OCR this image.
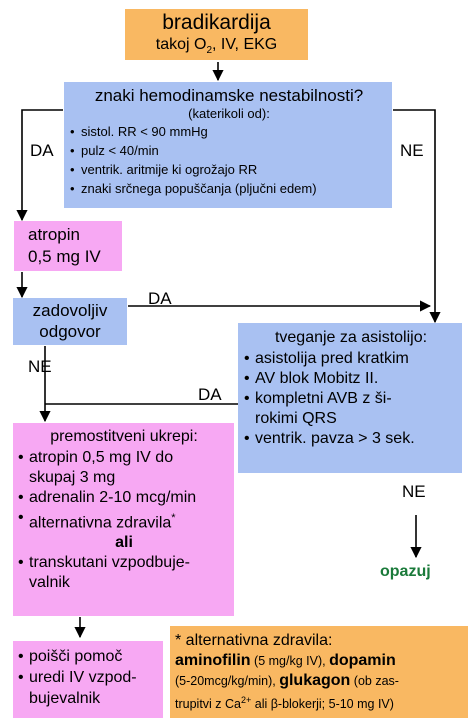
bradikardija
takoj $O_2$, IV, EKG
znaki hemodinamske nestabilnosti?
(katerikoli od):
• sistol. RR < 90 mmHg
• pulz < 40/min
• ventrik. aritmije ki ogrožajo RR
• znaki srčnega popuščanja (pljučni edem)
DA	NE
DA
NE
DA
NE
atropin
0,5 mg IV
zadovoljiv
odgovor	tveganje za asistolijo:
• asistolija pred kratkim
• AV blok Mobitz II.
• kompletni AVB z ši-
rokimi QRS
• ventrik. pavza > 3 sek.
premostitveni ukrepi:
• atropin 0,5 mg IV do
skupaj 3 mg
• adrenalin 2-10 mcg/min
• alternativna zdravila*
ali
• transkutani vzpodbuje-
valnik
• poišči pomoč
• uredi IV vzpod-
bujevalnik
opazuj
* alternativna zdravila:
aminofilin (5 mg/kg IV), dopamin
(5-20mcg/kg/min), glukagon (ob zas-
trupitvi z $Ca^{2+}$ ali β-blokerji; 5-10 mg IV)
